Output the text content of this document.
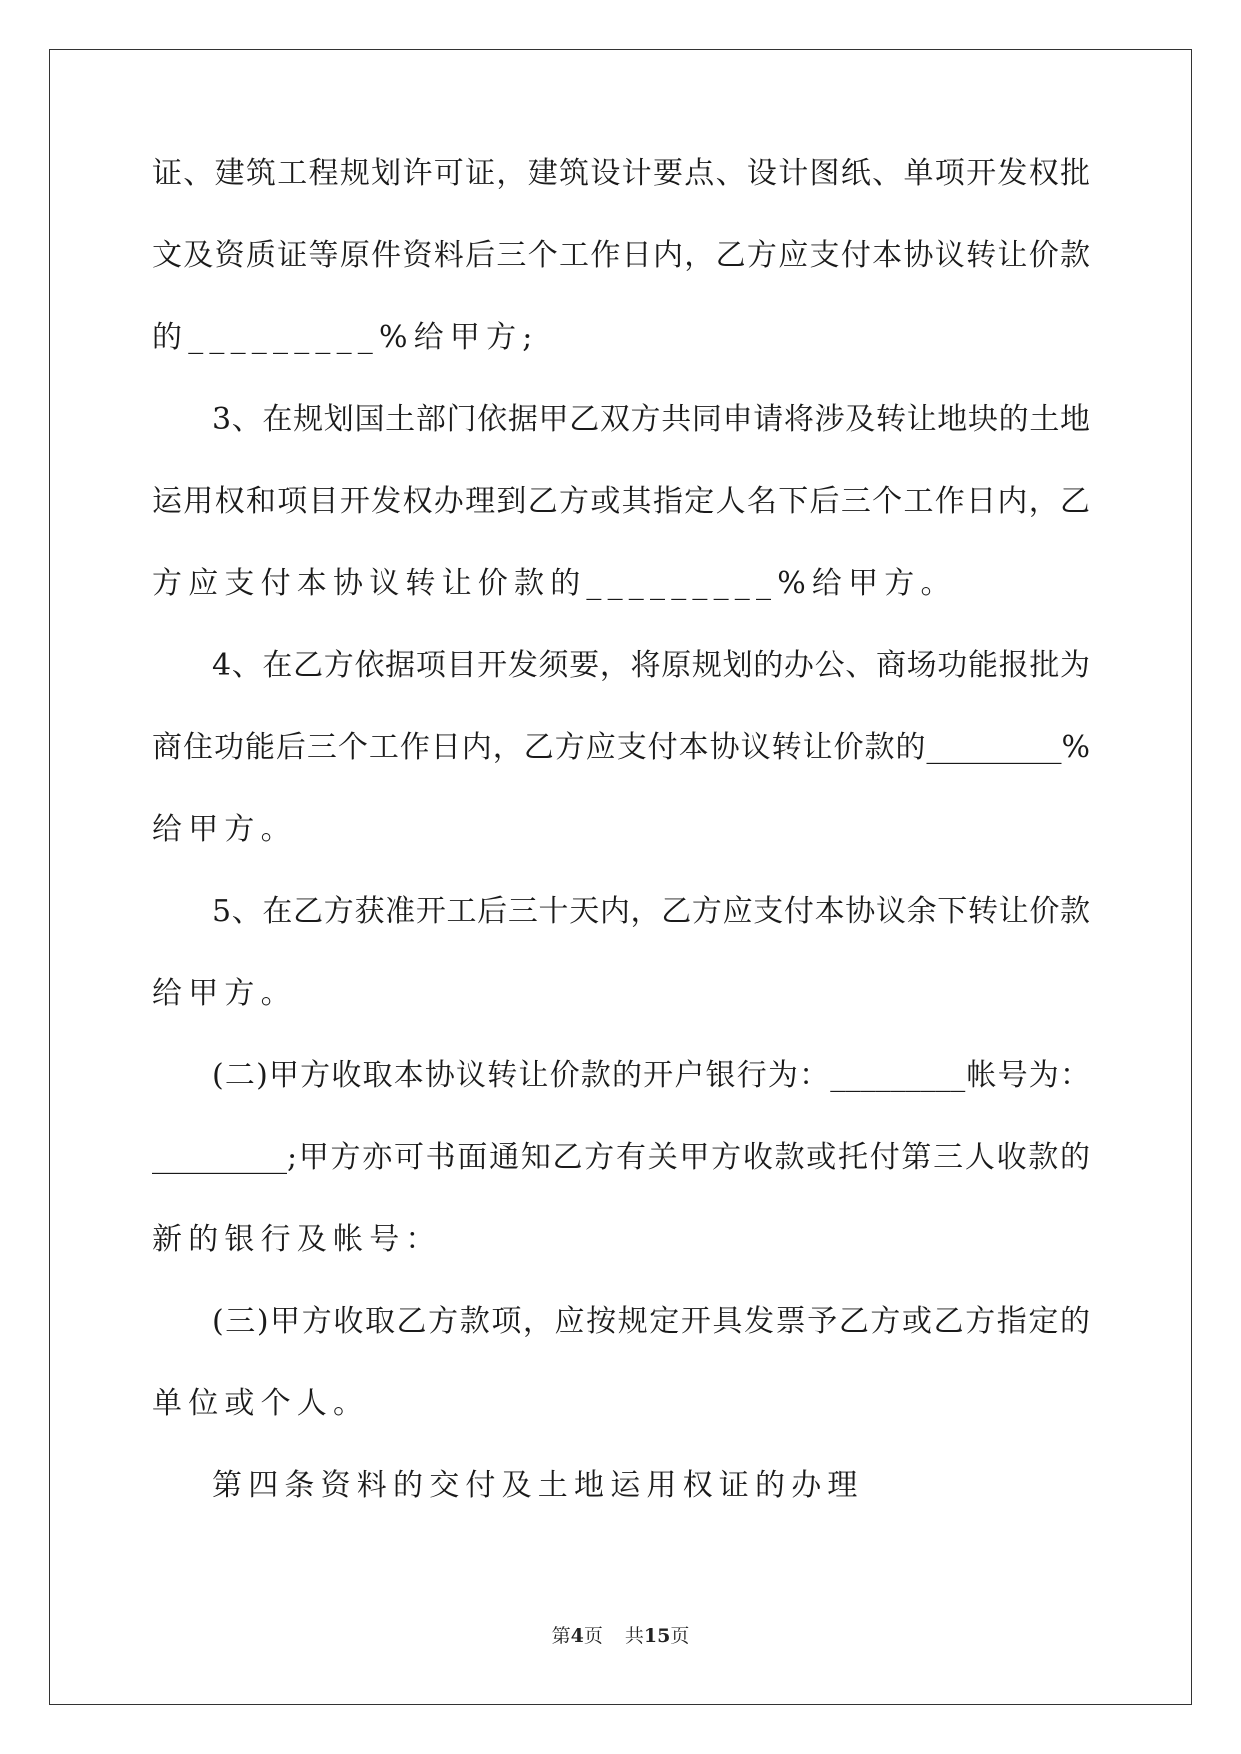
证、建筑工程规划许可证，建筑设计要点、设计图纸、单项开发权批
文及资质证等原件资料后三个工作日内，乙方应支付本协议转让价款
的_________%给甲方;
3、在规划国土部门依据甲乙双方共同申请将涉及转让地块的土地
运用权和项目开发权办理到乙方或其指定人名下后三个工作日内，乙
方应支付本协议转让价款的_________%给甲方。
4、在乙方依据项目开发须要，将原规划的办公、商场功能报批为
商住功能后三个工作日内，乙方应支付本协议转让价款的_________%
给甲方。
5、在乙方获准开工后三十天内，乙方应支付本协议余下转让价款
给甲方。
(二)甲方收取本协议转让价款的开户银行为：_________帐号为：
_________;甲方亦可书面通知乙方有关甲方收款或托付第三人收款的
新的银行及帐号：
(三)甲方收取乙方款项，应按规定开具发票予乙方或乙方指定的
单位或个人。
第四条资料的交付及土地运用权证的办理
第4页 共15页
